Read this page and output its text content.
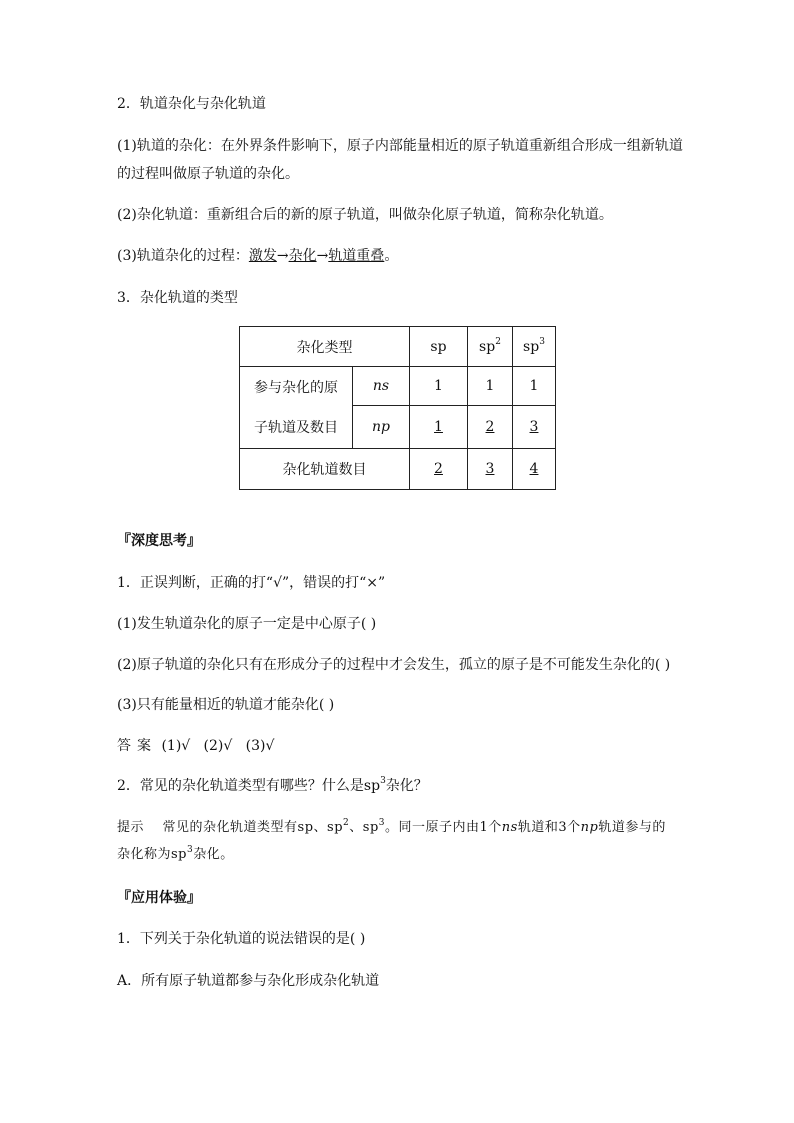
2．轨道杂化与杂化轨道
(1)轨道的杂化：在外界条件影响下，原子内部能量相近的原子轨道重新组合形成一组新轨道
的过程叫做原子轨道的杂化。
(2)杂化轨道：重新组合后的新的原子轨道，叫做杂化原子轨道，简称杂化轨道。
(3)轨道杂化的过程：激发→杂化→轨道重叠。
3．杂化轨道的类型
杂化类型		sp	$sp^2$	$sp^3$

参与杂化的原
子轨道及数目	ns	1	1	1
	np	1	2	3
杂化轨道数目		2	3	4
『深度思考』
1．正误判断，正确的打“√”，错误的打“×”
(1)发生轨道杂化的原子一定是中心原子( )
(2)原子轨道的杂化只有在形成分子的过程中才会发生，孤立的原子是不可能发生杂化的( )
(3)只有能量相近的轨道才能杂化( )
答案 (1)√   (2)√   (3)√
2．常见的杂化轨道类型有哪些？什么是$sp^3$杂化？
提示 常见的杂化轨道类型有sp、$sp^2$、$sp^3$。同一原子内由1个ns轨道和3个np轨道参与的
杂化称为$sp^3$杂化。
『应用体验』
1．下列关于杂化轨道的说法错误的是( )
A．所有原子轨道都参与杂化形成杂化轨道
